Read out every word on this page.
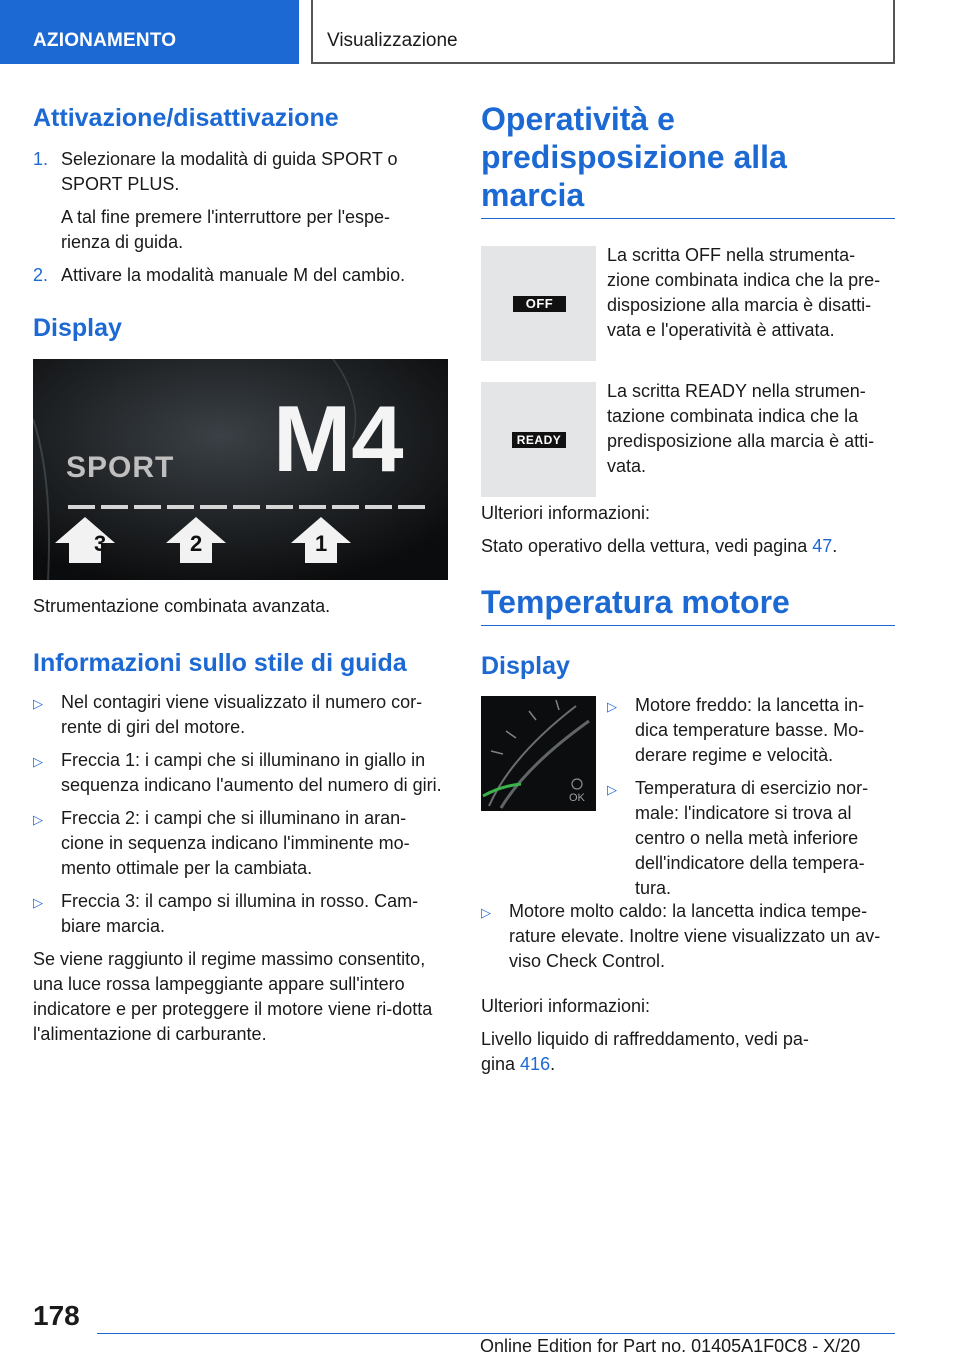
AZIONAMENTO	Visualizzazione
Attivazione/disattivazione
1. Selezionare la modalità di guida SPORT o SPORT PLUS.
A tal fine premere l'interruttore per l'espe-rienza di guida.
2. Attivare la modalità manuale M del cambio.
Display
SPORT M4
3	2	1

Strumentazione combinata avanzata.

Informazioni sullo stile di guida
▷	Nel contagiri viene visualizzato il numero cor-rente di giri del motore.
▷	Freccia 1: i campi che si illuminano in giallo in sequenza indicano l'aumento del numero di giri.
▷	Freccia 2: i campi che si illuminano in aran-cione in sequenza indicano l'imminente mo-mento ottimale per la cambiata.
▷	Freccia 3: il campo si illumina in rosso. Cam-biare marcia.

Se viene raggiunto il regime massimo consentito, una luce rossa lampeggiante appare sull'intero indicatore e per proteggere il motore viene ri-dotta l'alimentazione di carburante.

Operatività e predisposizione alla marcia
OFF

La scritta OFF nella strumenta-zione combinata indica che la pre-disposizione alla marcia è disatti-vata e l'operatività è attivata.

READY

La scritta READY nella strumen-tazione combinata indica che la predisposizione alla marcia è atti-vata.

Ulteriori informazioni:

Stato operativo della vettura, vedi pagina 47.

Temperatura motore
Display
OK
▷	Motore freddo: la lancetta in-dica temperature basse. Mo-derare regime e velocità.
▷	Temperatura di esercizio nor-male: l'indicatore si trova al centro o nella metà inferiore dell'indicatore della tempera-tura.
▷	Motore molto caldo: la lancetta indica tempe-rature elevate. Inoltre viene visualizzato un av-viso Check Control.

Ulteriori informazioni:

Livello liquido di raffreddamento, vedi pa-gina 416.

178
Online Edition for Part no. 01405A1F0C8 - X/20
